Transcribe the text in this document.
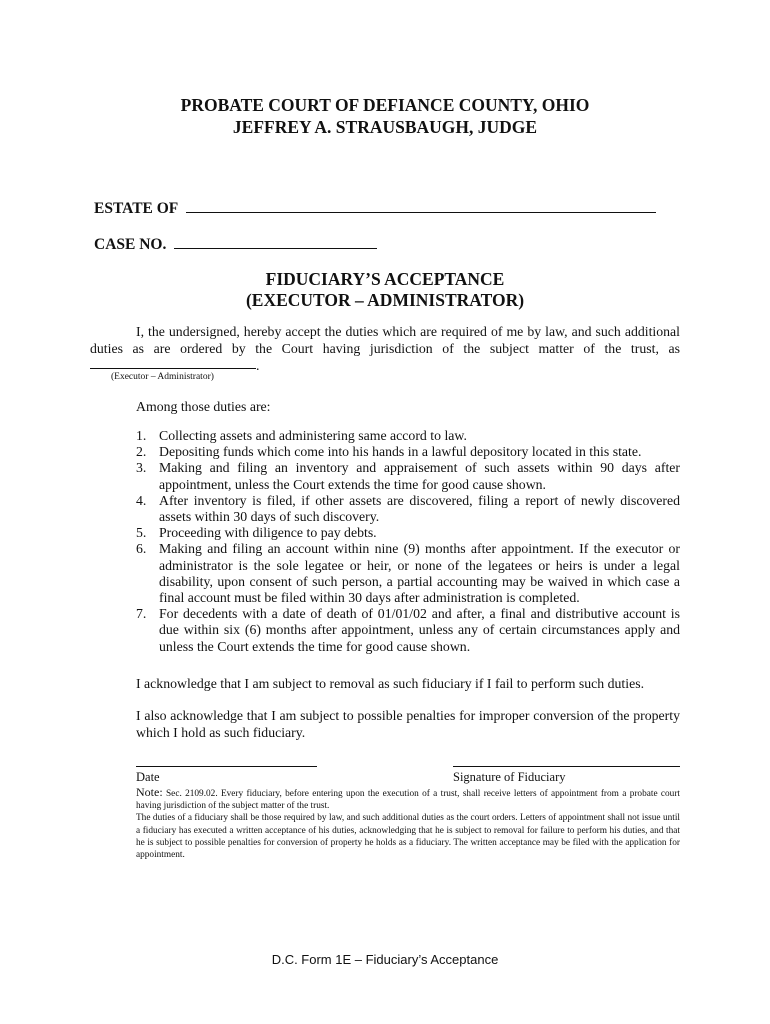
PROBATE COURT OF DEFIANCE COUNTY, OHIO
JEFFREY A. STRAUSBAUGH, JUDGE
ESTATE OF
CASE NO.
FIDUCIARY’S ACCEPTANCE
(EXECUTOR – ADMINISTRATOR)
I, the undersigned, hereby accept the duties which are required of me by law, and such additional
duties as are ordered by the Court having jurisdiction of the subject matter of the trust, as
.
(Executor – Administrator)
Among those duties are:
1. Collecting assets and administering same accord to law.
2. Depositing funds which come into his hands in a lawful depository located in this state.
3. Making and filing an inventory and appraisement of such assets within 90 days after appointment, unless the Court extends the time for good cause shown.
4. After inventory is filed, if other assets are discovered, filing a report of newly discovered assets within 30 days of such discovery.
5. Proceeding with diligence to pay debts.
6. Making and filing an account within nine (9) months after appointment. If the executor or administrator is the sole legatee or heir, or none of the legatees or heirs is under a legal disability, upon consent of such person, a partial accounting may be waived in which case a final account must be filed within 30 days after administration is completed.
7. For decedents with a date of death of 01/01/02 and after, a final and distributive account is due within six (6) months after appointment, unless any of certain circumstances apply and unless the Court extends the time for good cause shown.
I acknowledge that I am subject to removal as such fiduciary if I fail to perform such duties.
I also acknowledge that I am subject to possible penalties for improper conversion of the property which I hold as such fiduciary.
Date	Signature of Fiduciary
Note: Sec. 2109.02. Every fiduciary, before entering upon the execution of a trust, shall receive letters of appointment from a probate court having jurisdiction of the subject matter of the trust.
The duties of a fiduciary shall be those required by law, and such additional duties as the court orders. Letters of appointment shall not issue until a fiduciary has executed a written acceptance of his duties, acknowledging that he is subject to removal for failure to perform his duties, and that he is subject to possible penalties for conversion of property he holds as a fiduciary. The written acceptance may be filed with the application for appointment.
D.C. Form 1E – Fiduciary’s Acceptance
